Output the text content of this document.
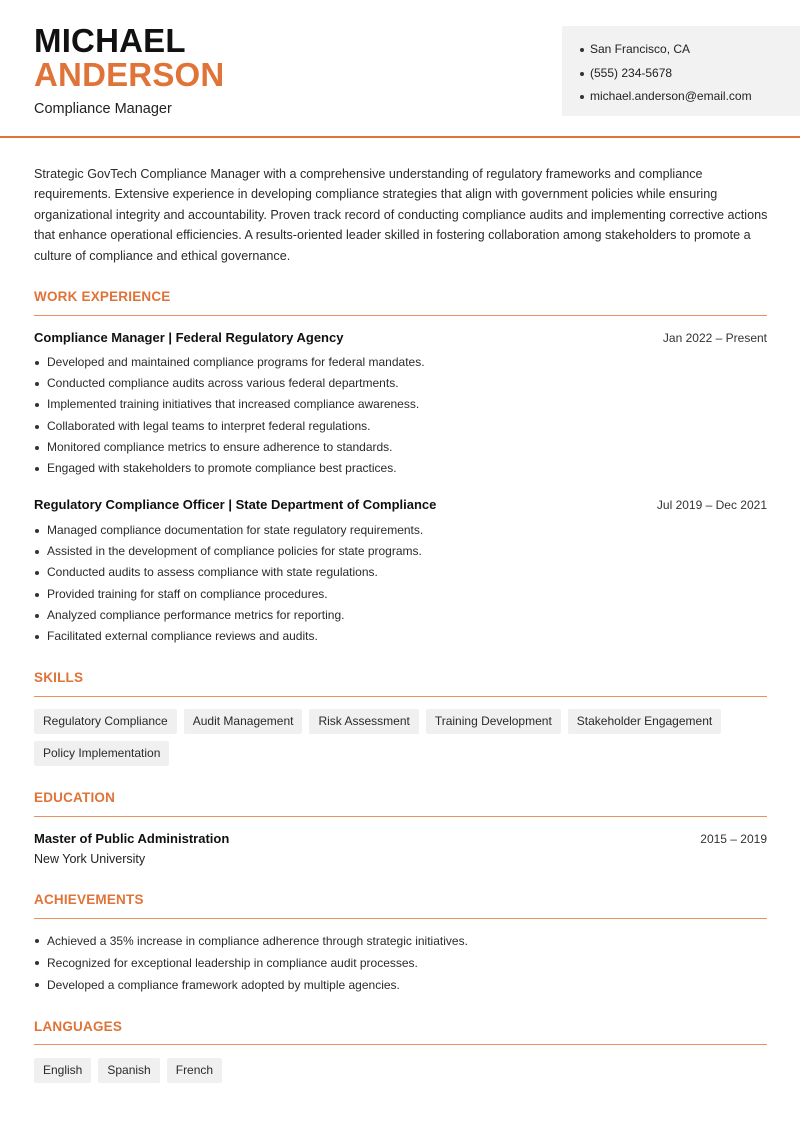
MICHAEL
ANDERSON
Compliance Manager
San Francisco, CA
(555) 234-5678
michael.anderson@email.com

Strategic GovTech Compliance Manager with a comprehensive understanding of regulatory frameworks and compliance requirements. Extensive experience in developing compliance strategies that align with government policies while ensuring organizational integrity and accountability. Proven track record of conducting compliance audits and implementing corrective actions that enhance operational efficiencies. A results-oriented leader skilled in fostering collaboration among stakeholders to promote a culture of compliance and ethical governance.

WORK EXPERIENCE
Compliance Manager | Federal Regulatory Agency	Jan 2022 – Present
Developed and maintained compliance programs for federal mandates.
Conducted compliance audits across various federal departments.
Implemented training initiatives that increased compliance awareness.
Collaborated with legal teams to interpret federal regulations.
Monitored compliance metrics to ensure adherence to standards.
Engaged with stakeholders to promote compliance best practices.
Regulatory Compliance Officer | State Department of Compliance	Jul 2019 – Dec 2021
Managed compliance documentation for state regulatory requirements.
Assisted in the development of compliance policies for state programs.
Conducted audits to assess compliance with state regulations.
Provided training for staff on compliance procedures.
Analyzed compliance performance metrics for reporting.
Facilitated external compliance reviews and audits.
SKILLS
Regulatory Compliance	Audit Management	Risk Assessment	Training Development	Stakeholder Engagement
Policy Implementation
EDUCATION
Master of Public Administration	2015 – 2019
New York University
ACHIEVEMENTS
Achieved a 35% increase in compliance adherence through strategic initiatives.
Recognized for exceptional leadership in compliance audit processes.
Developed a compliance framework adopted by multiple agencies.
LANGUAGES
English	Spanish	French
